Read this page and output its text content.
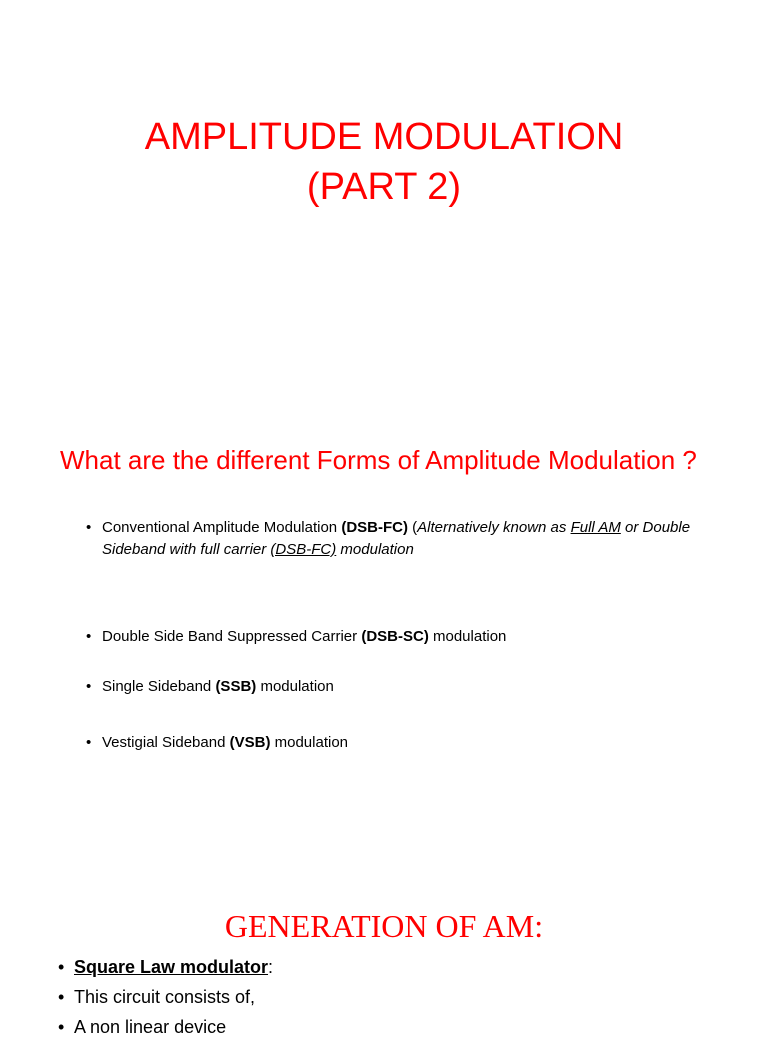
AMPLITUDE MODULATION
(PART 2)
What are the different Forms of Amplitude Modulation ?
• Conventional Amplitude Modulation (DSB-FC) (Alternatively known as Full AM or Double Sideband with full carrier (DSB-FC) modulation
• Double Side Band Suppressed Carrier (DSB-SC) modulation
• Single Sideband (SSB) modulation
• Vestigial Sideband (VSB) modulation
GENERATION OF AM:
• Square Law modulator:
• This circuit consists of,
• A non linear device
